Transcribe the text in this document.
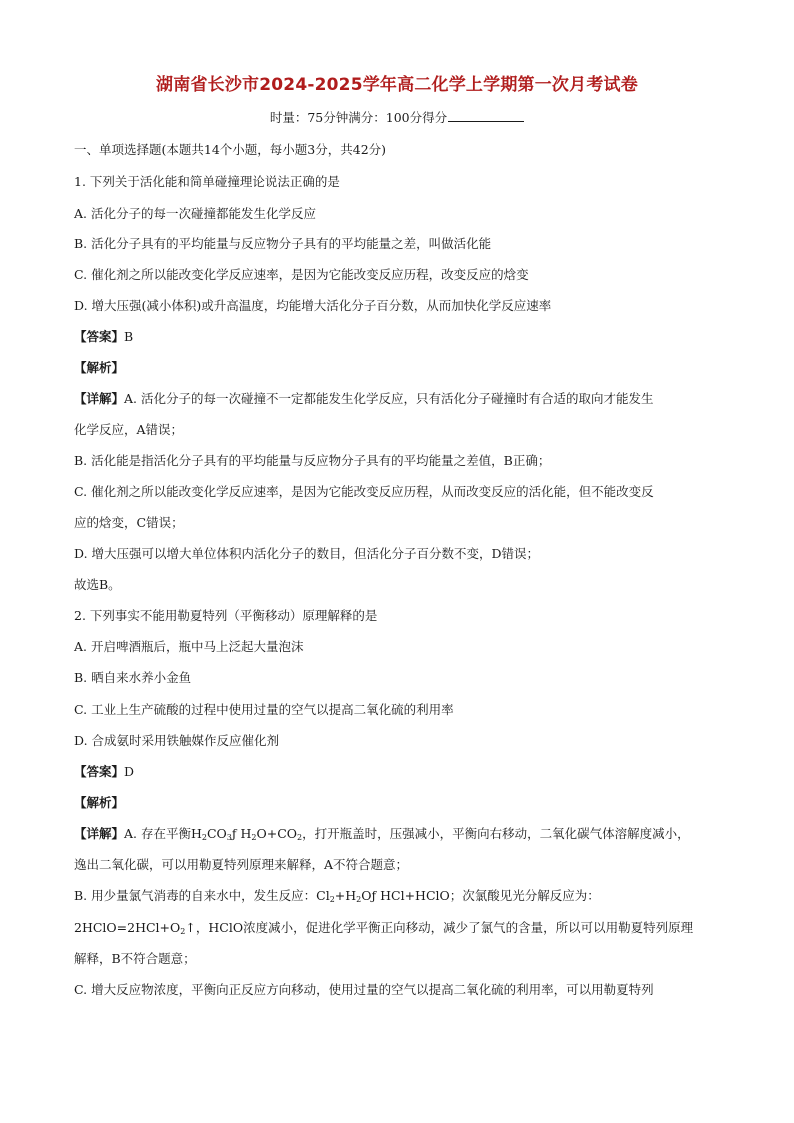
湖南省长沙市2024-2025学年高二化学上学期第一次月考试卷
时量：75分钟满分：100分得分
一、单项选择题(本题共14个小题，每小题3分，共42分)
1. 下列关于活化能和简单碰撞理论说法正确的是
A. 活化分子的每一次碰撞都能发生化学反应
B. 活化分子具有的平均能量与反应物分子具有的平均能量之差，叫做活化能
C. 催化剂之所以能改变化学反应速率，是因为它能改变反应历程，改变反应的焓变
D. 增大压强(减小体积)或升高温度，均能增大活化分子百分数，从而加快化学反应速率
【答案】B
【解析】
【详解】A. 活化分子的每一次碰撞不一定都能发生化学反应，只有活化分子碰撞时有合适的取向才能发生
化学反应，A错误；
B. 活化能是指活化分子具有的平均能量与反应物分子具有的平均能量之差值，B正确；
C. 催化剂之所以能改变化学反应速率，是因为它能改变反应历程，从而改变反应的活化能，但不能改变反
应的焓变，C错误；
D. 增大压强可以增大单位体积内活化分子的数目，但活化分子百分数不变，D错误；
故选B。
2. 下列事实不能用勒夏特列（平衡移动）原理解释的是
A. 开启啤酒瓶后，瓶中马上泛起大量泡沫
B. 晒自来水养小金鱼
C. 工业上生产硫酸的过程中使用过量的空气以提高二氧化硫的利用率
D. 合成氨时采用铁触媒作反应催化剂
【答案】D
【解析】
【详解】A. 存在平衡$H_2CO_3ƒ$ $H_2O+CO_2$，打开瓶盖时，压强减小，平衡向右移动，二氧化碳气体溶解度减小，
逸出二氧化碳，可以用勒夏特列原理来解释，A不符合题意；
B. 用少量氯气消毒的自来水中，发生反应：$Cl_2+H_2Oƒ$ HCl+HClO；次氯酸见光分解反应为：
$2HClO=2HCl+O_2↑$，HClO浓度减小，促进化学平衡正向移动，减少了氯气的含量，所以可以用勒夏特列原理
解释，B不符合题意；
C. 增大反应物浓度，平衡向正反应方向移动，使用过量的空气以提高二氧化硫的利用率，可以用勒夏特列
